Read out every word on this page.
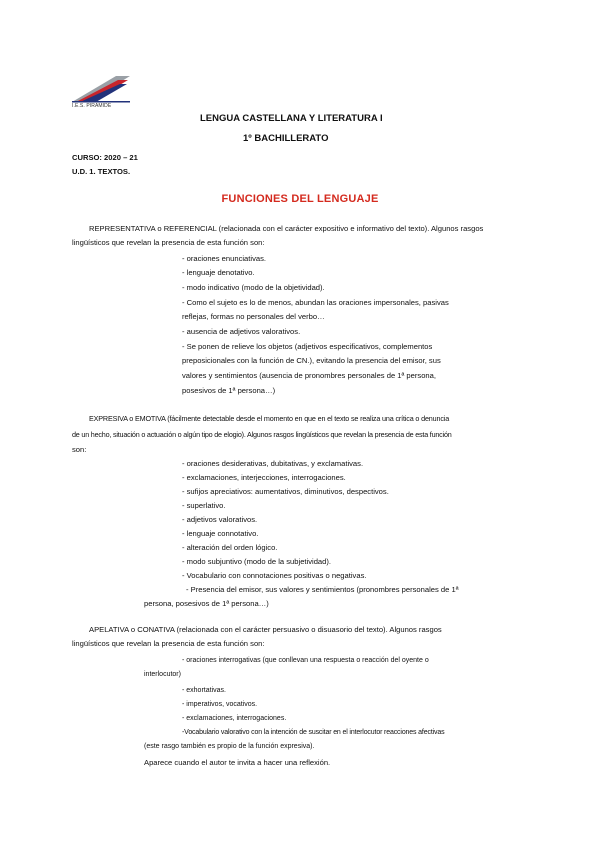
I.E.S. PIRAMIDE
LENGUA CASTELLANA Y LITERATURA I
1º BACHILLERATO
CURSO: 2020 – 21
U.D. 1. TEXTOS.
FUNCIONES DEL LENGUAJE
REPRESENTATIVA o REFERENCIAL (relacionada con el carácter expositivo e informativo del texto). Algunos rasgos
lingüísticos que revelan la presencia de esta función son:
- oraciones enunciativas.
- lenguaje denotativo.
- modo indicativo (modo de la objetividad).
- Como el sujeto es lo de menos, abundan las oraciones impersonales, pasivas
reflejas, formas no personales del verbo…
- ausencia de adjetivos valorativos.
- Se ponen de relieve los objetos (adjetivos especificativos, complementos
preposicionales con la función de CN.), evitando la presencia del emisor, sus
valores y sentimientos (ausencia de pronombres personales de 1ª persona,
posesivos de 1ª persona…)
EXPRESIVA o EMOTIVA (fácilmente detectable desde el momento en que en el texto se realiza una crítica o denuncia
de un hecho, situación o actuación o algún tipo de elogio). Algunos rasgos lingüísticos que revelan la presencia de esta función
son:
- oraciones desiderativas, dubitativas, y exclamativas.
- exclamaciones, interjecciones, interrogaciones.
- sufijos apreciativos: aumentativos, diminutivos, despectivos.
- superlativo.
- adjetivos valorativos.
- lenguaje connotativo.
- alteración del orden lógico.
- modo subjuntivo (modo de la subjetividad).
- Vocabulario con connotaciones positivas o negativas.
- Presencia del emisor, sus valores y sentimientos (pronombres personales de 1ª
persona, posesivos de 1ª persona…)
APELATIVA o CONATIVA (relacionada con el carácter persuasivo o disuasorio del texto). Algunos rasgos
lingüísticos que revelan la presencia de esta función son:
- oraciones interrogativas (que conllevan una respuesta o reacción del oyente o
interlocutor)
- exhortativas.
- imperativos, vocativos.
- exclamaciones, interrogaciones.
-Vocabulario valorativo con la intención de suscitar en el interlocutor reacciones afectivas
(este rasgo también es propio de la función expresiva).
Aparece cuando el autor te invita a hacer una reflexión.
